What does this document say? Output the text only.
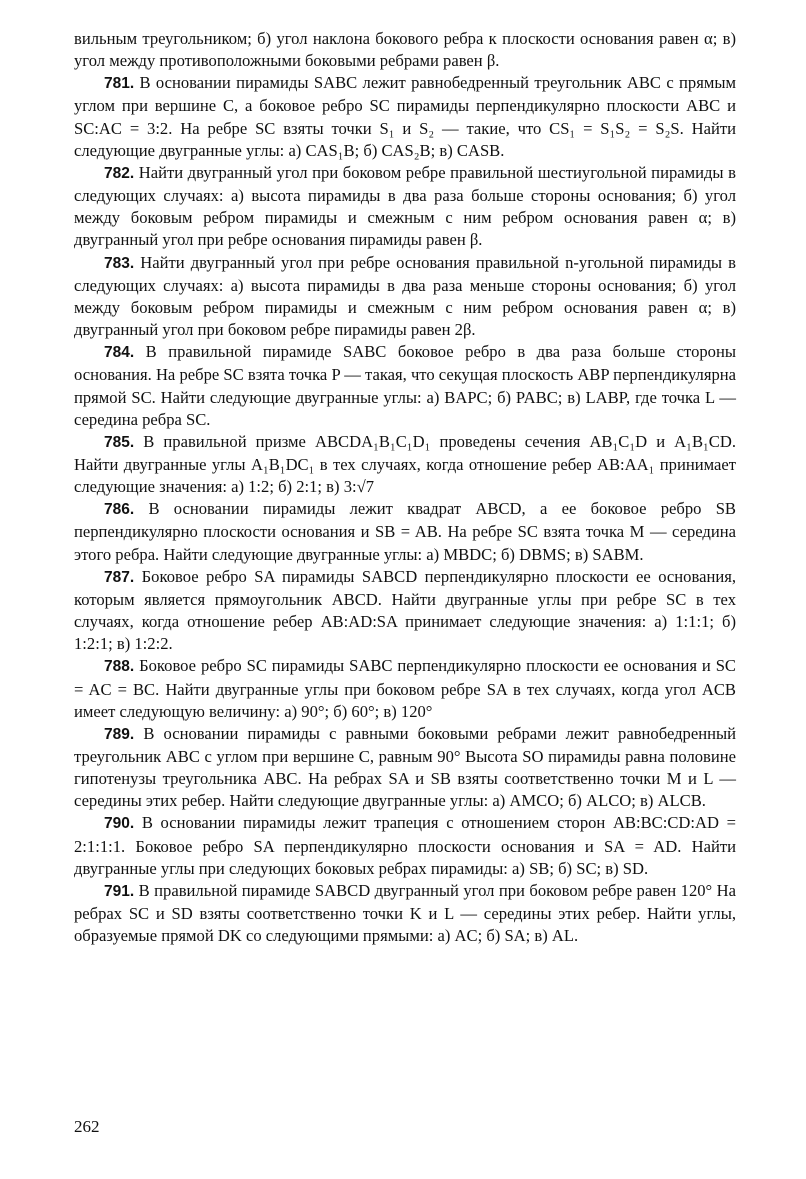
вильным треугольником; б) угол наклона бокового ребра к плоскости основания равен α; в) угол между противоположными боковыми ребрами равен β.

781. В основании пирамиды SABC лежит равнобедренный треугольник ABC с прямым углом при вершине C, а боковое ребро SC пирамиды перпендикулярно плоскости ABC и SC:AC = 3:2. На ребре SC взяты точки S₁ и S₂ — такие, что CS₁ = S₁S₂ = S₂S. Найти следующие двугранные углы: а) CAS₁B; б) CAS₂B; в) CASB.

782. Найти двугранный угол при боковом ребре правильной шестиугольной пирамиды в следующих случаях: а) высота пирамиды в два раза больше стороны основания; б) угол между боковым ребром пирамиды и смежным с ним ребром основания равен α; в) двугранный угол при ребре основания пирамиды равен β.

783. Найти двугранный угол при ребре основания правильной n-угольной пирамиды в следующих случаях: а) высота пирамиды в два раза меньше стороны основания; б) угол между боковым ребром пирамиды и смежным с ним ребром основания равен α; в) двугранный угол при боковом ребре пирамиды равен 2β.

784. В правильной пирамиде SABC боковое ребро в два раза больше стороны основания. На ребре SC взята точка P — такая, что секущая плоскость ABP перпендикулярна прямой SC. Найти следующие двугранные углы: а) BAPC; б) PABC; в) LABP, где точка L — середина ребра SC.

785. В правильной призме ABCDA₁B₁C₁D₁ проведены сечения AB₁C₁D и A₁B₁CD. Найти двугранные углы A₁B₁DC₁ в тех случаях, когда отношение ребер AB:AA₁ принимает следующие значения: а) 1:2; б) 2:1; в) 3:√7

786. В основании пирамиды лежит квадрат ABCD, а ее боковое ребро SB перпендикулярно плоскости основания и SB = AB. На ребре SC взята точка M — середина этого ребра. Найти следующие двугранные углы: а) MBDC; б) DBMS; в) SABM.

787. Боковое ребро SA пирамиды SABCD перпендикулярно плоскости ее основания, которым является прямоугольник ABCD. Найти двугранные углы при ребре SC в тех случаях, когда отношение ребер AB:AD:SA принимает следующие значения: а) 1:1:1; б) 1:2:1; в) 1:2:2.

788. Боковое ребро SC пирамиды SABC перпендикулярно плоскости ее основания и SC = AC = BC. Найти двугранные углы при боковом ребре SA в тех случаях, когда угол ACB имеет следующую величину: а) 90°; б) 60°; в) 120°

789. В основании пирамиды с равными боковыми ребрами лежит равнобедренный треугольник ABC с углом при вершине C, равным 90° Высота SO пирамиды равна половине гипотенузы треугольника ABC. На ребрах SA и SB взяты соответственно точки M и L — середины этих ребер. Найти следующие двугранные углы: а) AMCO; б) ALCO; в) ALCB.

790. В основании пирамиды лежит трапеция с отношением сторон AB:BC:CD:AD = 2:1:1:1. Боковое ребро SA перпендикулярно плоскости основания и SA = AD. Найти двугранные углы при следующих боковых ребрах пирамиды: а) SB; б) SC; в) SD.

791. В правильной пирамиде SABCD двугранный угол при боковом ребре равен 120° На ребрах SC и SD взяты соответственно точки K и L — середины этих ребер. Найти углы, образуемые прямой DK со следующими прямыми: а) AC; б) SA; в) AL.

262
